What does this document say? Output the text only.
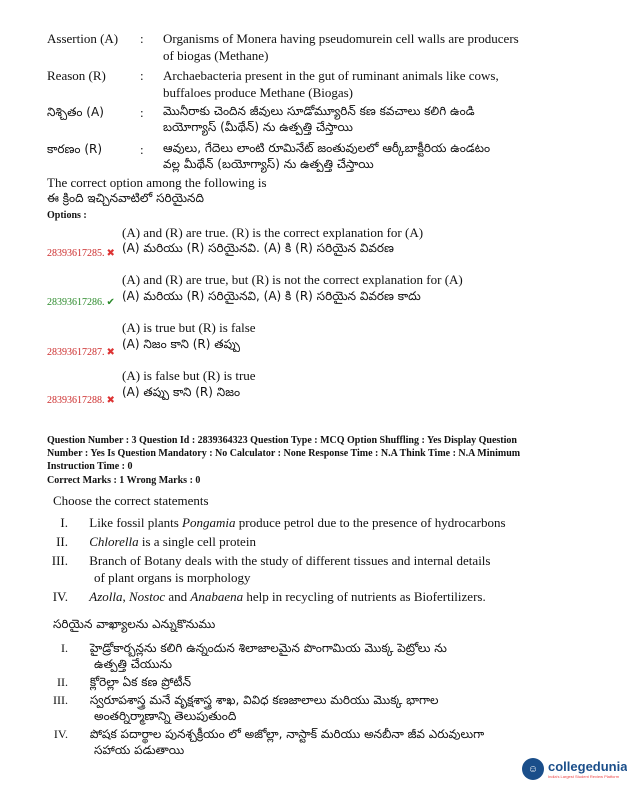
Assertion (A) : Organisms of Monera having pseudomurein cell walls are producers
of biogas (Methane)
Reason (R)	: Archaebacteria present in the gut of ruminant animals like cows,
buffaloes produce Methane (Biogas)
నిశ్చితం (A)	: మొనీరాకు చెందిన జీవులు సూడోమ్యూరిన్ కణ కవచాలు కలిగి ఉండి
బయోగ్యాస్ (మీథేన్) ను ఉత్పత్తి చేస్తాయి
కారణం (R)	: ఆవులు, గేదెలు లాంటి రూమినేట్ జంతువులలో ఆర్కీబాక్టీరియ ఉండటం
వల్ల మీథేన్ (బయోగ్యాస్) ను ఉత్పత్తి చేస్తాయి
The correct option among the following is
ఈ క్రింది ఇచ్చినవాటిలో సరియైనది
Options :
(A) and (R) are true. (R) is the correct explanation for (A)
28393617285. ✖ (A) మరియు (R) సరియైనవి. (A) కి (R) సరియైన వివరణ
(A) and (R) are true, but (R) is not the correct explanation for (A)
28393617286. ✔ (A) మరియు (R) సరియైనవి, (A) కి (R) సరియైన వివరణ కాదు
(A) is true but (R) is false
28393617287. ✖
(A) నిజం కాని (R) తప్పు
(A) is false but (R) is true
28393617288. ✖
(A) తప్పు కాని (R) నిజం
Question Number : 3 Question Id : 2839364323 Question Type : MCQ Option Shuffling : Yes Display Question
Number : Yes Is Question Mandatory : No Calculator : None Response Time : N.A Think Time : N.A Minimum
Instruction Time : 0
Correct Marks : 1 Wrong Marks : 0
Choose the correct statements
I. Like fossil plants Pongamia produce petrol due to the presence of hydrocarbons
II. Chlorella is a single cell protein
III. Branch of Botany deals with the study of different tissues and internal details
of plant organs is morphology
IV. Azolla, Nostoc and Anabaena help in recycling of nutrients as Biofertilizers.
సరియైన వాఖ్యాలను ఎన్నుకొనుము
I. హైడ్రోకార్బన్లను కలిగి ఉన్నందున శిలాజాలమైన పొంగామియ మొక్క పెట్రోలు ను
ఉత్పత్తి చేయును
II. క్లోరెల్లా ఏక కణ ప్రోటీన్
III. స్వరూపశాస్త్ర మనే వృక్షశాస్త్ర శాఖ, వివిధ కణజాలాలు మరియు మొక్క భాగాల
అంతర్నిర్మాణాన్ని తెలుపుతుంది
IV. పోషక పదార్థాల పునశ్చక్రీయం లో అజోల్లా, నాస్టాక్ మరియు అనబీనా జీవ ఎరువులుగా
సహాయ పడుతాయి
☺ collegedunia
India's Largest Student Review Platform
